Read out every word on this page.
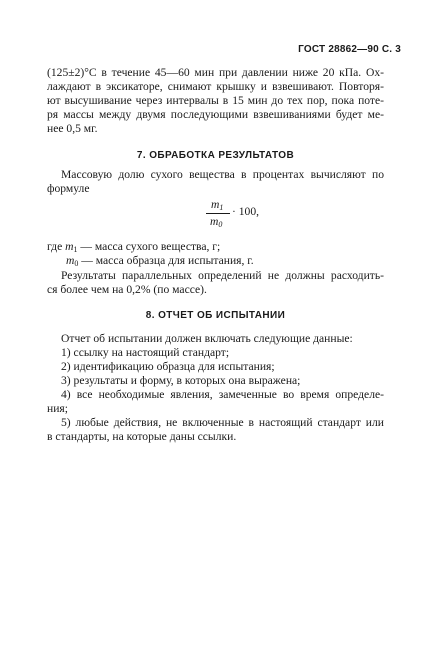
ГОСТ 28862—90 С. 3
(125±2)°С в течение 45—60 мин при давлении ниже 20 кПа. Ох-
лаждают в эксикаторе, снимают крышку и взвешивают. Повторя-
ют высушивание через интервалы в 15 мин до тех пор, пока поте-
ря массы между двумя последующими взвешиваниями будет ме-
нее 0,5 мг.
7. ОБРАБОТКА РЕЗУЛЬТАТОВ
Массовую долю сухого вещества в процентах вычисляют по
формуле
$m_1$
$m_0$
· 100,
где $m_1$ — масса сухого вещества, г;
$m_0$ — масса образца для испытания, г.
Результаты параллельных определений не должны расходить-
ся более чем на 0,2% (по массе).
8. ОТЧЕТ ОБ ИСПЫТАНИИ
Отчет об испытании должен включать следующие данные:
1) ссылку на настоящий стандарт;
2) идентификацию образца для испытания;
3) результаты и форму, в которых она выражена;
4) все необходимые явления, замеченные во время определе-
ния;
5) любые действия, не включенные в настоящий стандарт или
в стандарты, на которые даны ссылки.
